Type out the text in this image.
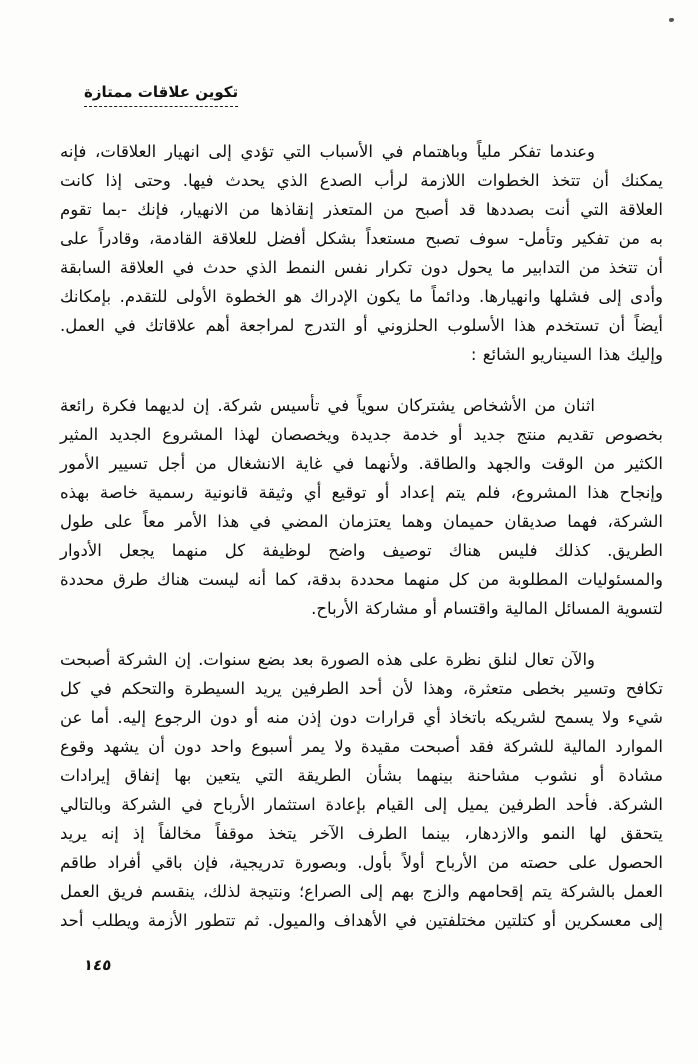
تكوين علاقات ممتازة
وعندما تفكر ملياً وباهتمام في الأسباب التي تؤدي إلى انهيار العلاقات، فإنه
يمكنك أن تتخذ الخطوات اللازمة لرأب الصدع الذي يحدث فيها. وحتى إذا كانت
العلاقة التي أنت بصددها قد أصبح من المتعذر إنقاذها من الانهيار، فإنك -بما تقوم
به من تفكير وتأمل- سوف تصبح مستعداً بشكل أفضل للعلاقة القادمة، وقادراً على
أن تتخذ من التدابير ما يحول دون تكرار نفس النمط الذي حدث في العلاقة السابقة
وأدى إلى فشلها وانهيارها. ودائماً ما يكون الإدراك هو الخطوة الأولى للتقدم. بإمكانك
أيضاً أن تستخدم هذا الأسلوب الحلزوني أو التدرج لمراجعة أهم علاقاتك في العمل.
وإليك هذا السيناريو الشائع :
اثنان من الأشخاص يشتركان سوياً في تأسيس شركة. إن لديهما فكرة رائعة
بخصوص تقديم منتج جديد أو خدمة جديدة ويخصصان لهذا المشروع الجديد المثير
الكثير من الوقت والجهد والطاقة. ولأنهما في غاية الانشغال من أجل تسيير الأمور
وإنجاح هذا المشروع، فلم يتم إعداد أو توقيع أي وثيقة قانونية رسمية خاصة بهذه
الشركة، فهما صديقان حميمان وهما يعتزمان المضي في هذا الأمر معاً على طول
الطريق. كذلك فليس هناك توصيف واضح لوظيفة كل منهما يجعل الأدوار
والمسئوليات المطلوبة من كل منهما محددة بدقة، كما أنه ليست هناك طرق محددة
لتسوية المسائل المالية واقتسام أو مشاركة الأرباح.
والآن تعال لنلق نظرة على هذه الصورة بعد بضع سنوات. إن الشركة أصبحت
تكافح وتسير بخطى متعثرة، وهذا لأن أحد الطرفين يريد السيطرة والتحكم في كل
شيء ولا يسمح لشريكه باتخاذ أي قرارات دون إذن منه أو دون الرجوع إليه. أما عن
الموارد المالية للشركة فقد أصبحت مقيدة ولا يمر أسبوع واحد دون أن يشهد وقوع
مشادة أو نشوب مشاحنة بينهما بشأن الطريقة التي يتعين بها إنفاق إيرادات
الشركة. فأحد الطرفين يميل إلى القيام بإعادة استثمار الأرباح في الشركة وبالتالي
يتحقق لها النمو والازدهار، بينما الطرف الآخر يتخذ موقفاً مخالفاً إذ إنه يريد
الحصول على حصته من الأرباح أولاً بأول. وبصورة تدريجية، فإن باقي أفراد طاقم
العمل بالشركة يتم إقحامهم والزج بهم إلى الصراع؛ ونتيجة لذلك، ينقسم فريق العمل
إلى معسكرين أو كتلتين مختلفتين في الأهداف والميول. ثم تتطور الأزمة ويطلب أحد
١٤٥
